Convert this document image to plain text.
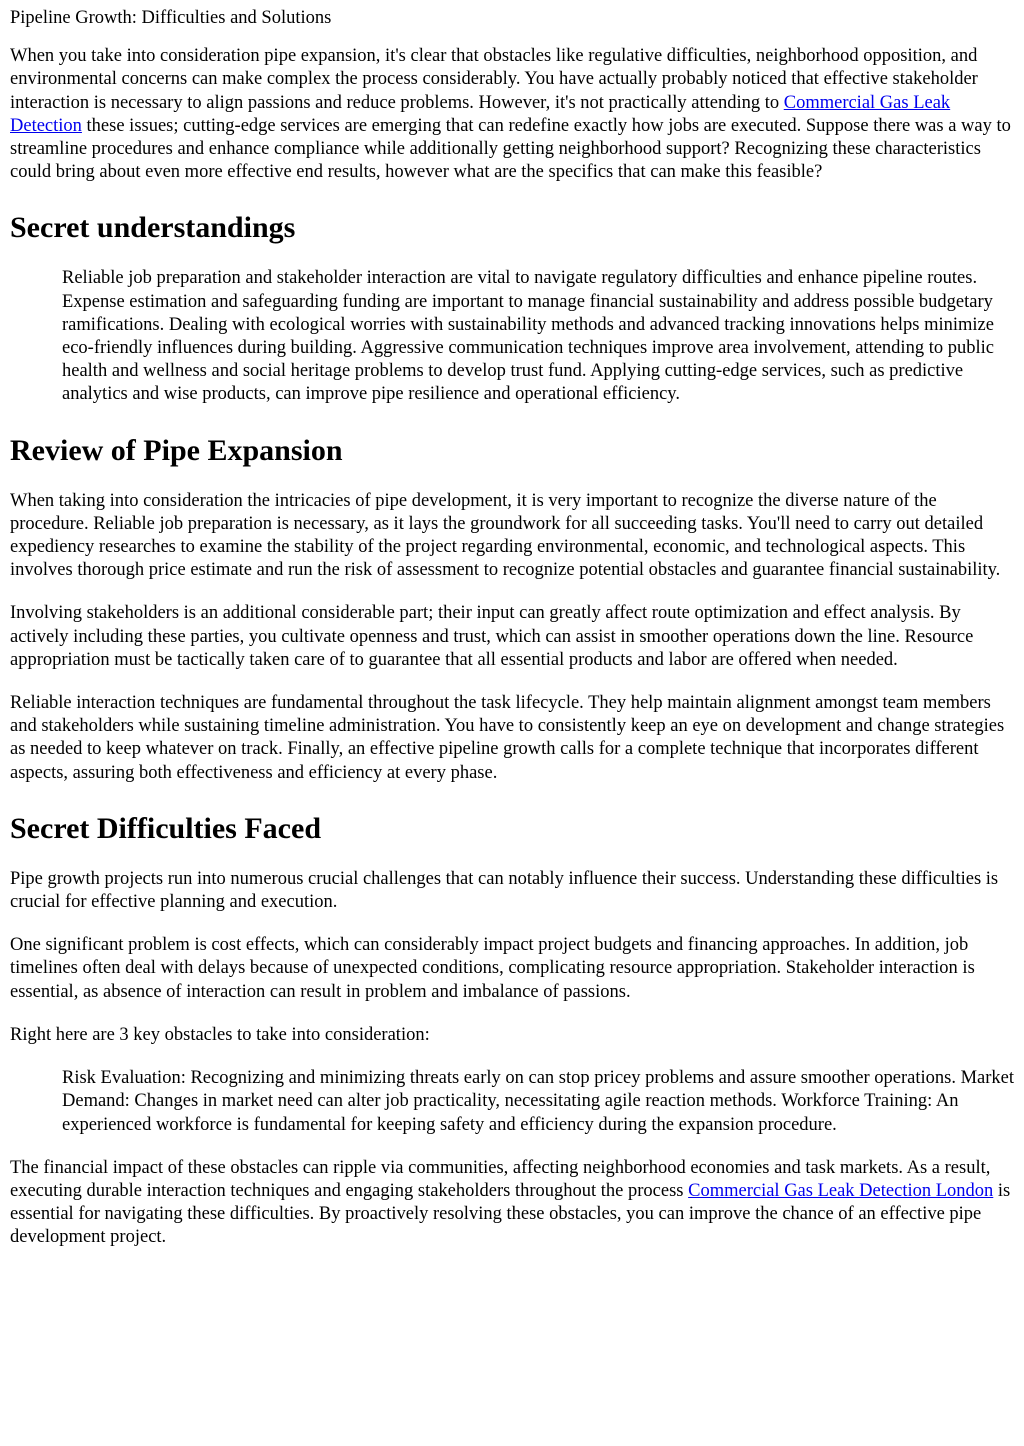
Pipeline Growth: Difficulties and Solutions

When you take into consideration pipe expansion, it's clear that obstacles like regulative difficulties, neighborhood opposition, and environmental concerns can make complex the process considerably. You have actually probably noticed that effective stakeholder interaction is necessary to align passions and reduce problems. However, it's not practically attending to Commercial Gas Leak Detection these issues; cutting-edge services are emerging that can redefine exactly how jobs are executed. Suppose there was a way to streamline procedures and enhance compliance while additionally getting neighborhood support? Recognizing these characteristics could bring about even more effective end results, however what are the specifics that can make this feasible?

Secret understandings
Reliable job preparation and stakeholder interaction are vital to navigate regulatory difficulties and enhance pipeline routes. Expense estimation and safeguarding funding are important to manage financial sustainability and address possible budgetary ramifications. Dealing with ecological worries with sustainability methods and advanced tracking innovations helps minimize eco-friendly influences during building. Aggressive communication techniques improve area involvement, attending to public health and wellness and social heritage problems to develop trust fund. Applying cutting-edge services, such as predictive analytics and wise products, can improve pipe resilience and operational efficiency.
Review of Pipe Expansion

When taking into consideration the intricacies of pipe development, it is very important to recognize the diverse nature of the procedure. Reliable job preparation is necessary, as it lays the groundwork for all succeeding tasks. You'll need to carry out detailed expediency researches to examine the stability of the project regarding environmental, economic, and technological aspects. This involves thorough price estimate and run the risk of assessment to recognize potential obstacles and guarantee financial sustainability.

Involving stakeholders is an additional considerable part; their input can greatly affect route optimization and effect analysis. By actively including these parties, you cultivate openness and trust, which can assist in smoother operations down the line. Resource appropriation must be tactically taken care of to guarantee that all essential products and labor are offered when needed.

Reliable interaction techniques are fundamental throughout the task lifecycle. They help maintain alignment amongst team members and stakeholders while sustaining timeline administration. You have to consistently keep an eye on development and change strategies as needed to keep whatever on track. Finally, an effective pipeline growth calls for a complete technique that incorporates different aspects, assuring both effectiveness and efficiency at every phase.

Secret Difficulties Faced

Pipe growth projects run into numerous crucial challenges that can notably influence their success. Understanding these difficulties is crucial for effective planning and execution.

One significant problem is cost effects, which can considerably impact project budgets and financing approaches. In addition, job timelines often deal with delays because of unexpected conditions, complicating resource appropriation. Stakeholder interaction is essential, as absence of interaction can result in problem and imbalance of passions.

Right here are 3 key obstacles to take into consideration:

Risk Evaluation: Recognizing and minimizing threats early on can stop pricey problems and assure smoother operations. Market Demand: Changes in market need can alter job practicality, necessitating agile reaction methods. Workforce Training: An experienced workforce is fundamental for keeping safety and efficiency during the expansion procedure.

The financial impact of these obstacles can ripple via communities, affecting neighborhood economies and task markets. As a result, executing durable interaction techniques and engaging stakeholders throughout the process Commercial Gas Leak Detection London is essential for navigating these difficulties. By proactively resolving these obstacles, you can improve the chance of an effective pipe development project.
